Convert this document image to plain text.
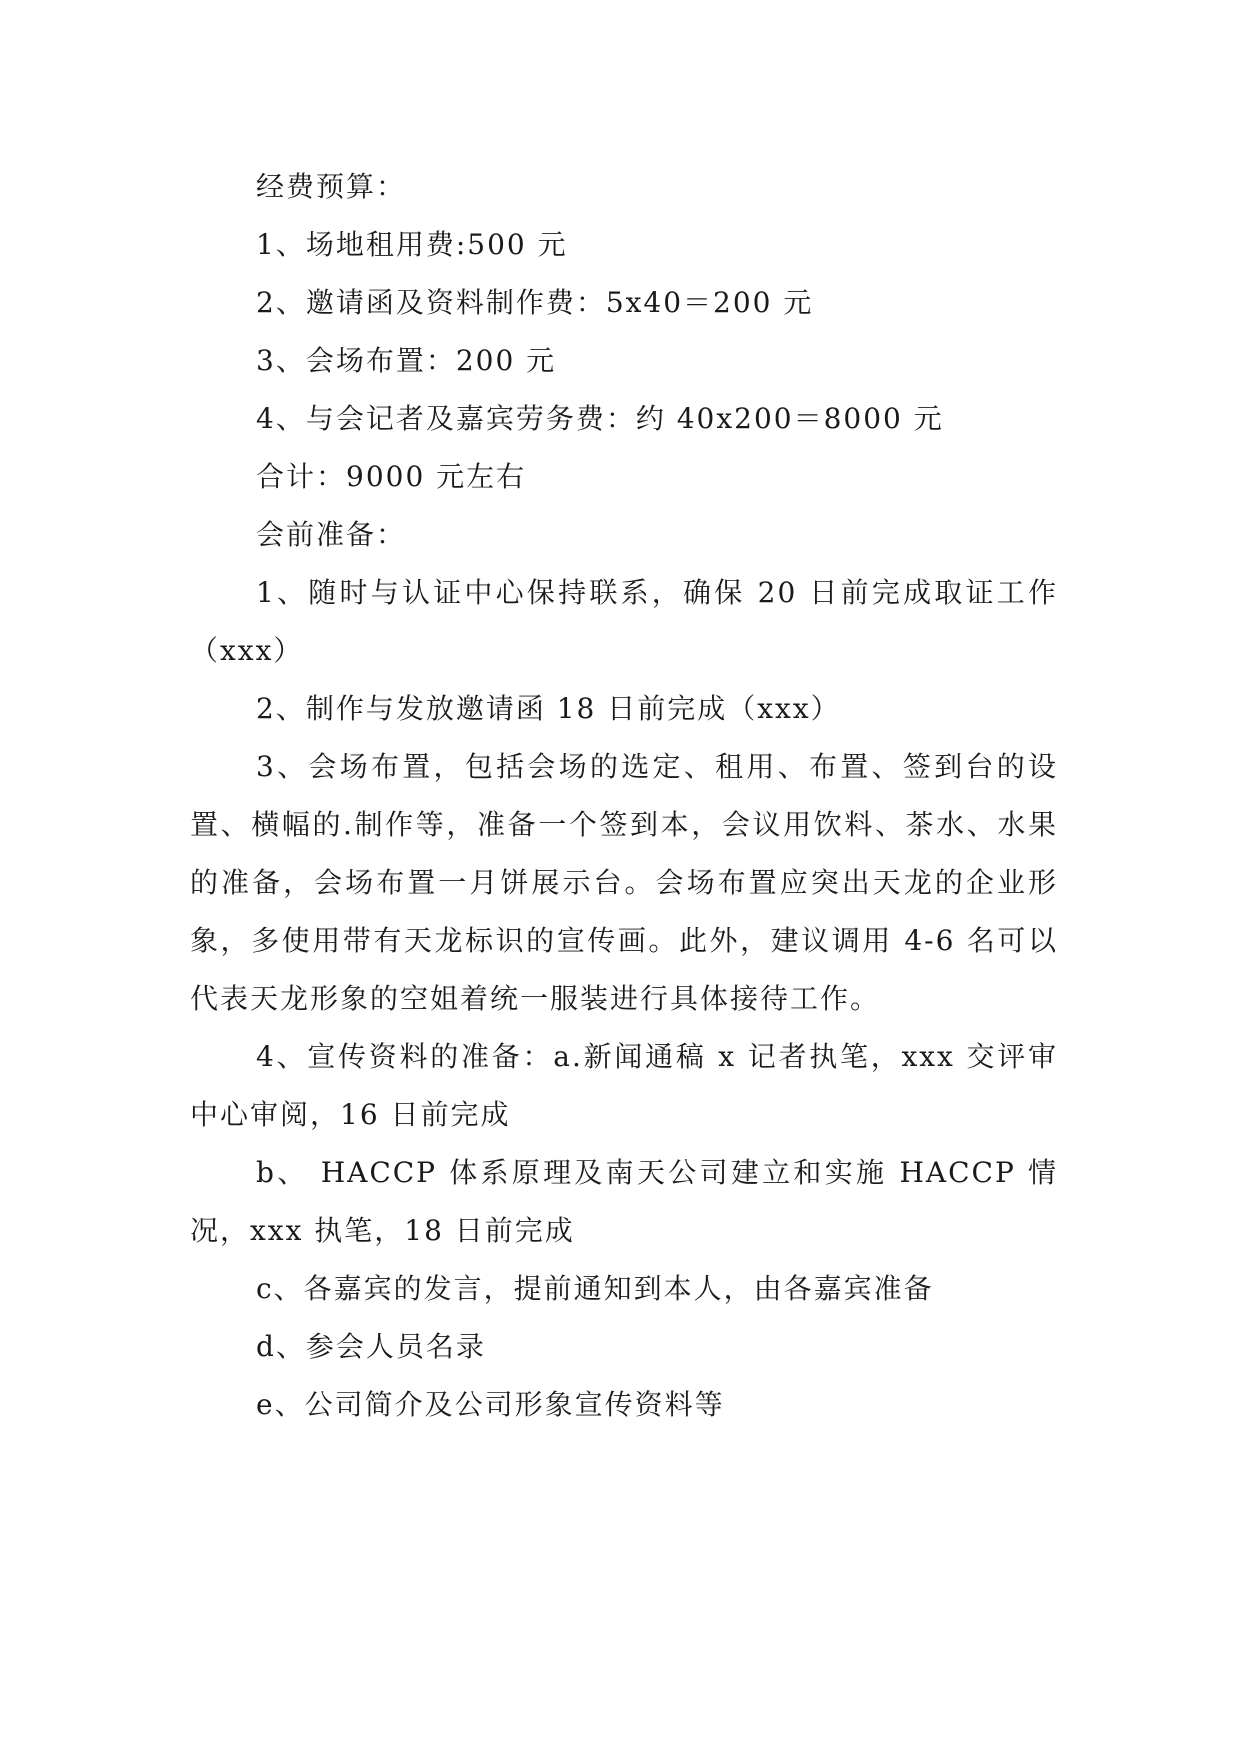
经费预算：

1、场地租用费:500 元

2、邀请函及资料制作费：5x40＝200 元

3、会场布置：200 元

4、与会记者及嘉宾劳务费：约 40x200＝8000 元

合计：9000 元左右

会前准备：

1、随时与认证中心保持联系，确保 20 日前完成取证工作（xxx）

2、制作与发放邀请函 18 日前完成（xxx）

3、会场布置，包括会场的选定、租用、布置、签到台的设置、横幅的.制作等，准备一个签到本，会议用饮料、茶水、水果的准备，会场布置一月饼展示台。会场布置应突出天龙的企业形象，多使用带有天龙标识的宣传画。此外，建议调用 4-6 名可以代表天龙形象的空姐着统一服装进行具体接待工作。

4、宣传资料的准备：a.新闻通稿 x 记者执笔，xxx 交评审中心审阅，16 日前完成

b、 HACCP 体系原理及南天公司建立和实施 HACCP 情况，xxx 执笔，18 日前完成

c、各嘉宾的发言，提前通知到本人，由各嘉宾准备

d、参会人员名录

e、公司简介及公司形象宣传资料等
